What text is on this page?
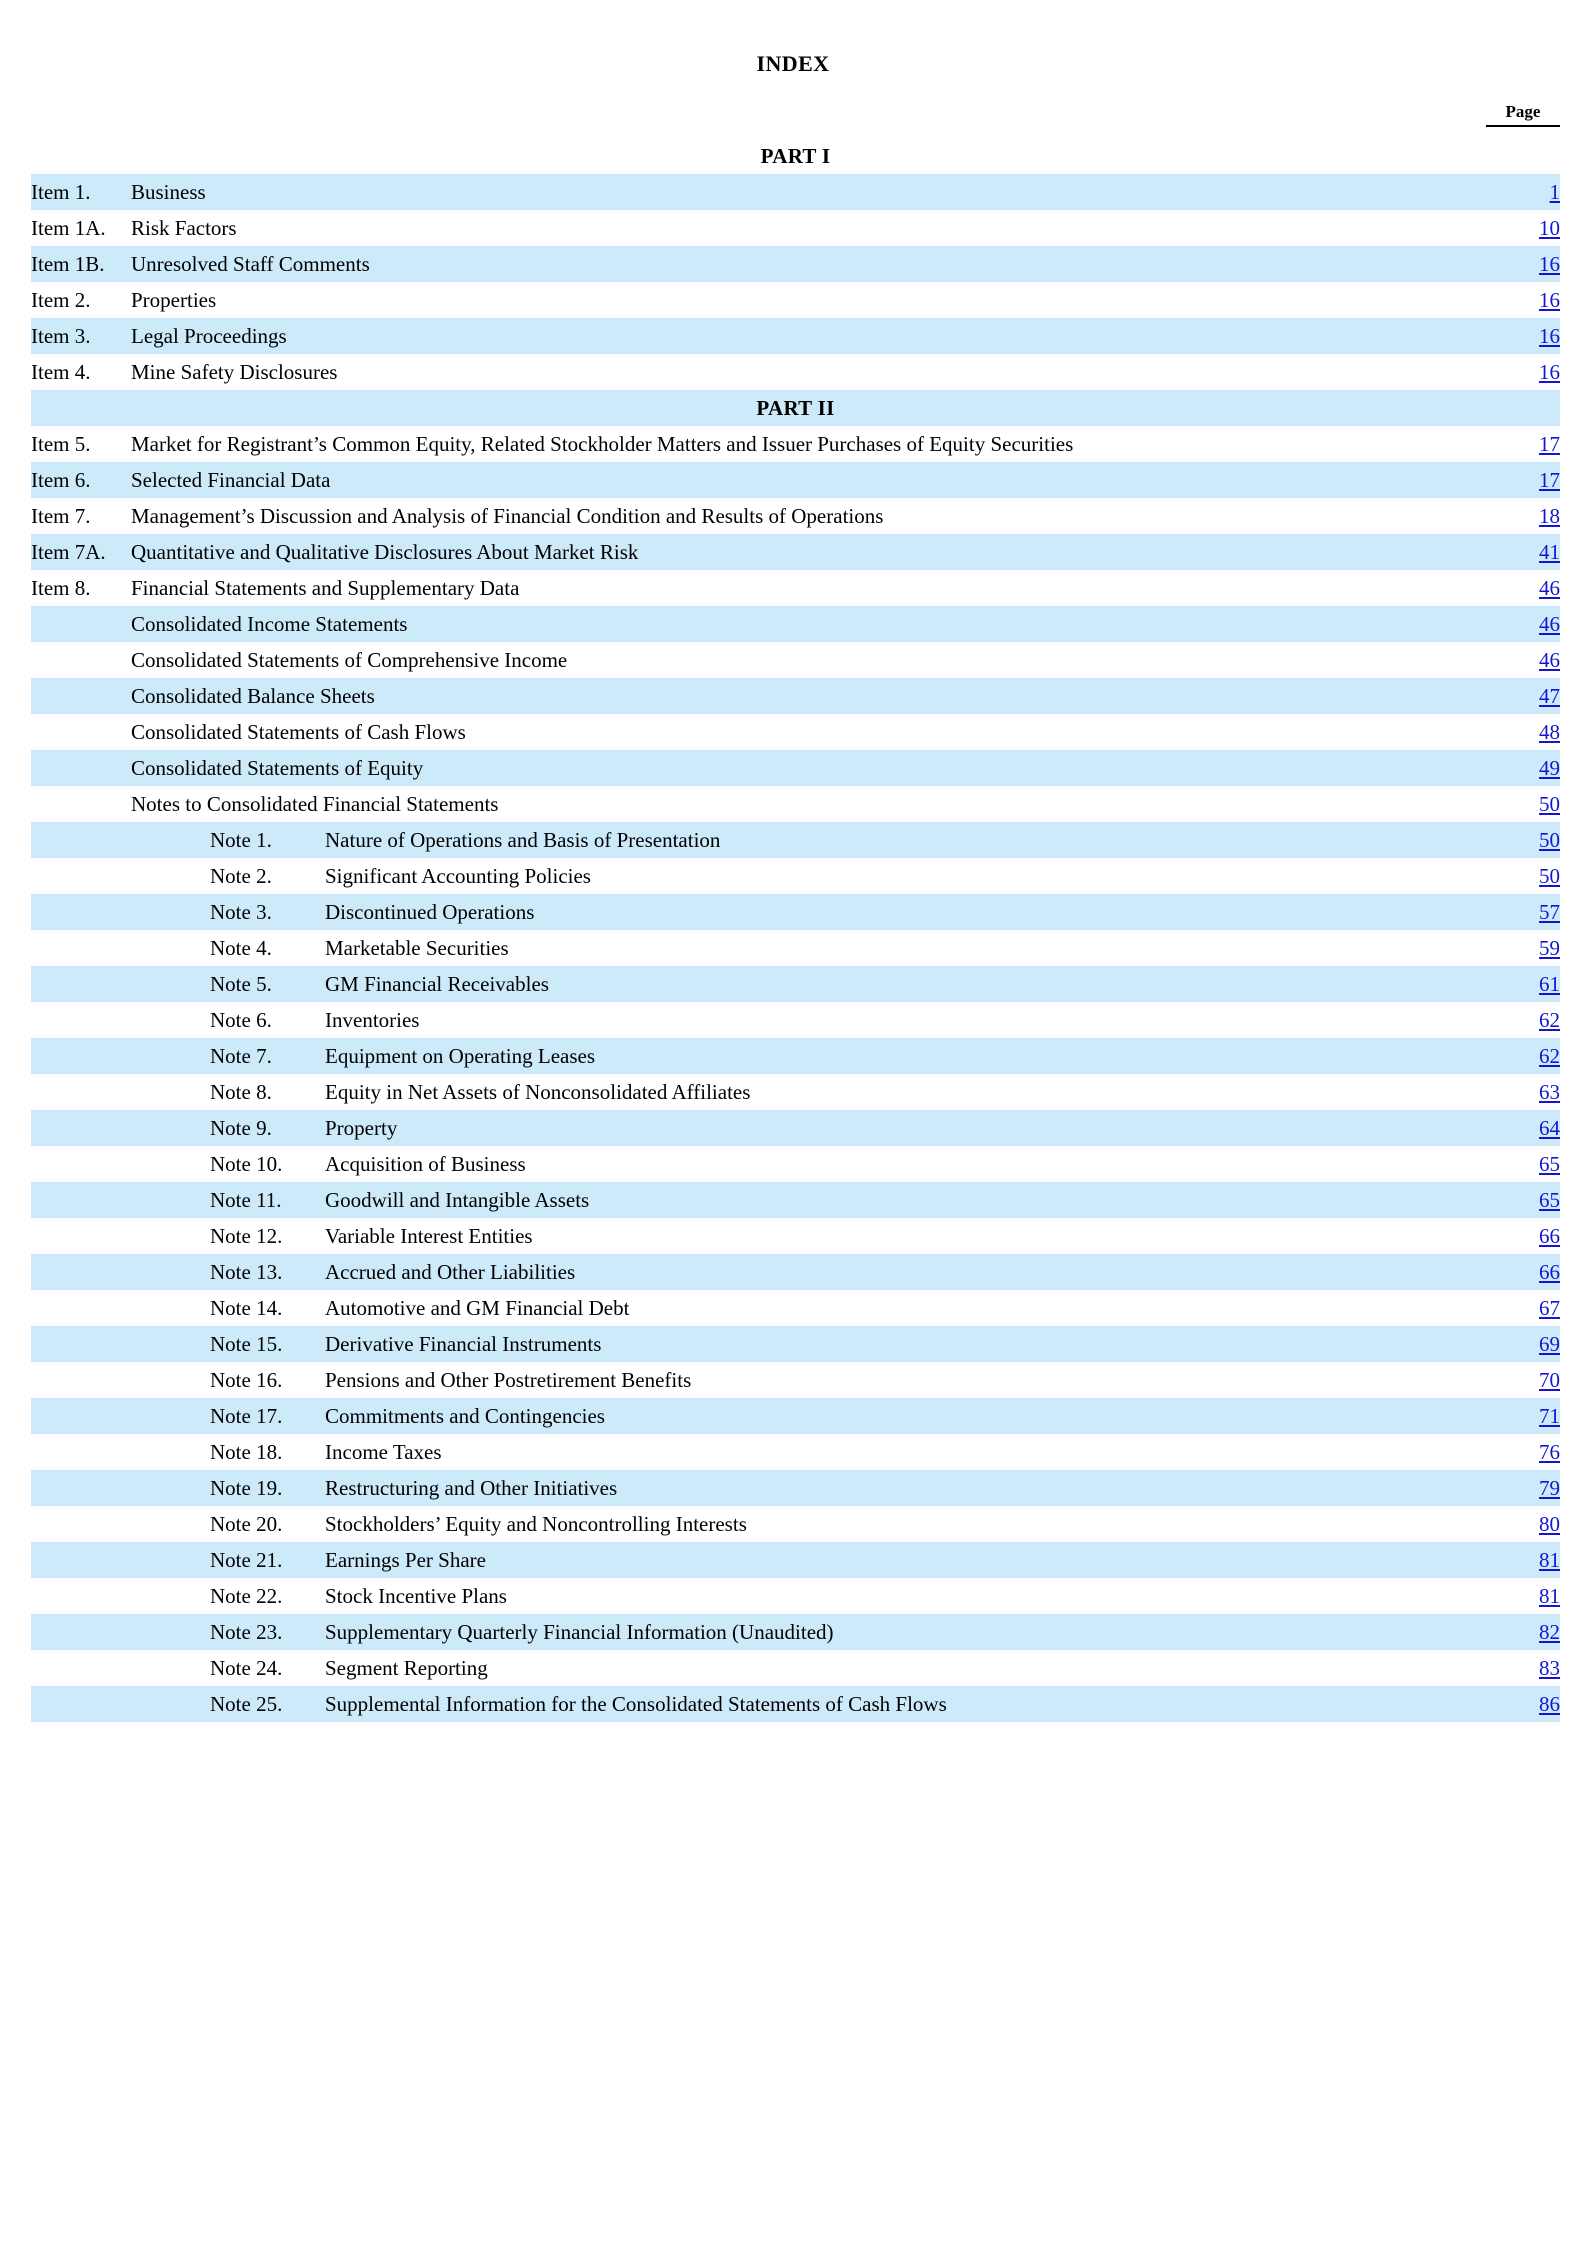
INDEX
Page
	PART I					
	Item 1.	Business			1	
	Item 1A.	Risk Factors			10	
	Item 1B.	Unresolved Staff Comments			16	
	Item 2.	Properties			16	
	Item 3.	Legal Proceedings			16	
	Item 4.	Mine Safety Disclosures			16	
	PART II					
	Item 5.	Market for Registrant’s Common Equity, Related Stockholder Matters and Issuer Purchases of Equity Securities			17	
	Item 6.	Selected Financial Data			17	
	Item 7.	Management’s Discussion and Analysis of Financial Condition and Results of Operations			18	
	Item 7A.	Quantitative and Qualitative Disclosures About Market Risk			41	
	Item 8.	Financial Statements and Supplementary Data			46	
		Consolidated Income Statements			46	
		Consolidated Statements of Comprehensive Income			46	
		Consolidated Balance Sheets			47	
		Consolidated Statements of Cash Flows			48	
		Consolidated Statements of Equity			49	
		Notes to Consolidated Financial Statements			50	
			Note 1.	Nature of Operations and Basis of Presentation	50	
			Note 2.	Significant Accounting Policies	50	
			Note 3.	Discontinued Operations	57	
			Note 4.	Marketable Securities	59	
			Note 5.	GM Financial Receivables	61	
			Note 6.	Inventories	62	
			Note 7.	Equipment on Operating Leases	62	
			Note 8.	Equity in Net Assets of Nonconsolidated Affiliates	63	
			Note 9.	Property	64	
			Note 10.	Acquisition of Business	65	
			Note 11.	Goodwill and Intangible Assets	65	
			Note 12.	Variable Interest Entities	66	
			Note 13.	Accrued and Other Liabilities	66	
			Note 14.	Automotive and GM Financial Debt	67	
			Note 15.	Derivative Financial Instruments	69	
			Note 16.	Pensions and Other Postretirement Benefits	70	
			Note 17.	Commitments and Contingencies	71	
			Note 18.	Income Taxes	76	
			Note 19.	Restructuring and Other Initiatives	79	
			Note 20.	Stockholders’ Equity and Noncontrolling Interests	80	
			Note 21.	Earnings Per Share	81	
			Note 22.	Stock Incentive Plans	81	
			Note 23.	Supplementary Quarterly Financial Information (Unaudited)	82	
			Note 24.	Segment Reporting	83	
			Note 25.	Supplemental Information for the Consolidated Statements of Cash Flows	86	
